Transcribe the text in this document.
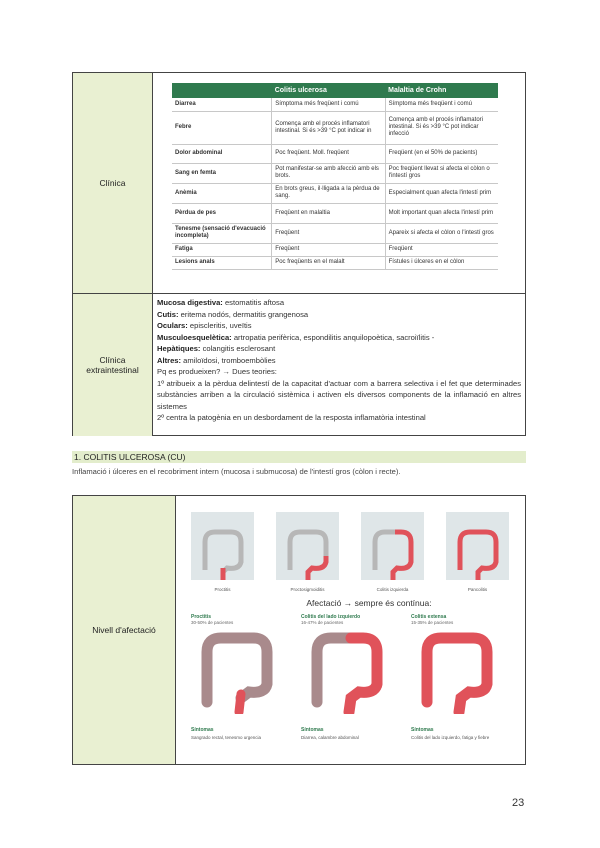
Clínica
	Colitis ulcerosa	Malaltia de Crohn
Diarrea	Símptoma més freqüent i comú	Símptoma més freqüent i comú
Febre	Comença amb el procés inflamatori intestinal. Si és >39 °C pot indicar in	Comença amb el procés inflamatori intestinal. Si és >39 °C pot indicar infecció
Dolor abdominal	Poc freqüent. Moll. freqüent	Freqüent (en el 50% de pacients)
Sang en femta	Pot manifestar-se amb afecció amb els brots.	Poc freqüent llevat si afecta el còlon o l'intestí gros
Anèmia	En brots greus, il·lligada a la pèrdua de sang.	Especialment quan afecta l'intestí prim
Pèrdua de pes	Freqüent en malaltia	Molt important quan afecta l'intestí prim
Tenesme (sensació d'evacuació incompleta)	Freqüent	Apareix si afecta el còlon o l'intestí gros
Fatiga	Freqüent	Freqüent
Lesions anals	Poc freqüents en el malalt	Fístules i úlceres en el còlon
Clínica extraintestinal
Mucosa digestiva: estomatitis aftosa
Cutis: eritema nodós, dermatitis grangenosa
Oculars: episcleritis, uveïtis
Musculoesquelètica: artropatia perifèrica, espondilitis anquilopoètica, sacroiïlitis -
Hepàtiques: colangitis esclerosant
Altres: amiloïdosi, tromboembòlies
Pq es produeixen? → Dues teories:
1º atribueix a la pèrdua delintestí de la capacitat d'actuar com a barrera selectiva i el fet que determinades substàncies arriben a la circulació sistèmica i activen els diversos components de la inflamació en altres sistemes
2º centra la patogènia en un desbordament de la resposta inflamatòria intestinal
1. COLITIS ULCEROSA (CU)
Inflamació i úlceres en el recobriment intern (mucosa i submucosa) de l'intestí gros (còlon i recte).
Nivell d'afectació
Proctitis	Proctosigmoiditis	Colitis izquierda	Pancolitis
Afectació → sempre és contínua:
Proctitis
30-50% de pacientes
Síntomas
Sangrado rectal, tenesmo urgencia
Colitis del lado izquierdo
16-47% de pacientes
Síntomas
Diarrea, calambre abdominal
Colitis extensa
15-35% de pacientes
Síntomas
Colitis del lado izquierdo, fatiga y fiebre
23
